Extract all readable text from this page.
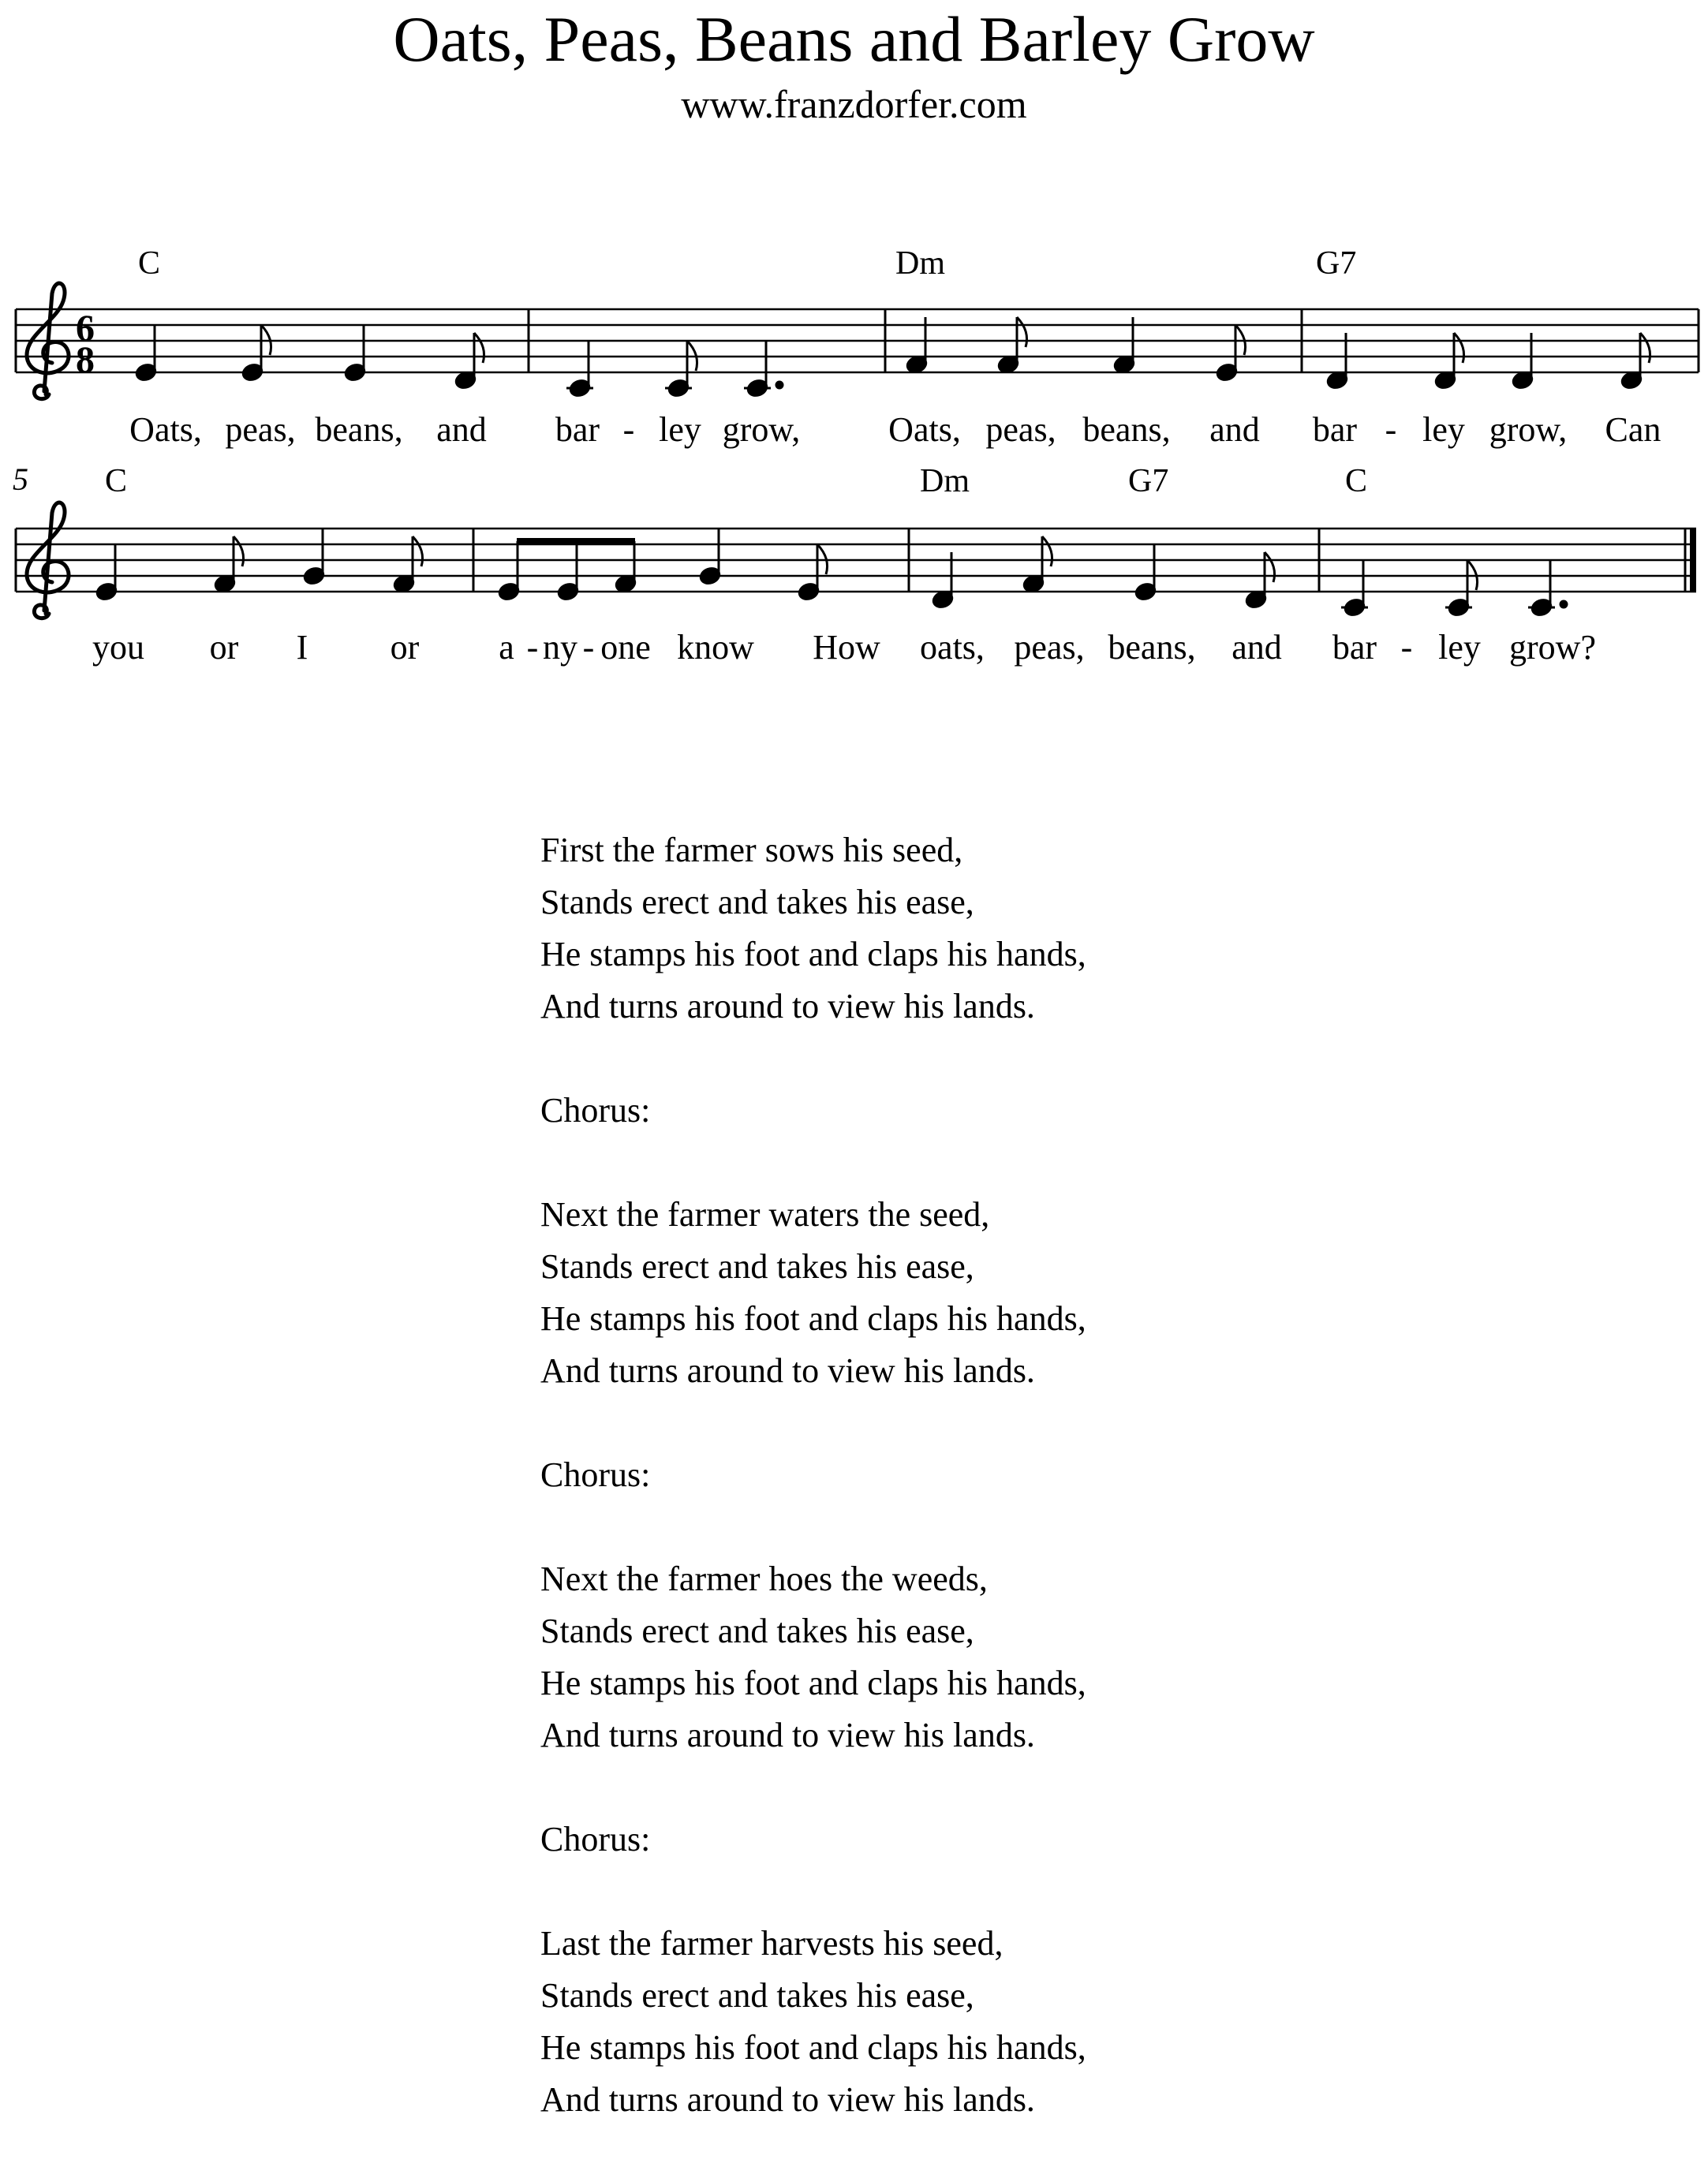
Oats, Peas, Beans and Barley Grow
www.franzdorfer.com
C	Dm	G7
6
8
Oats, peas, beans, and bar - ley grow,	Oats, peas, beans, and bar - ley grow, Can
5 C	Dm	G7	C
you or I or a - ny - one know How oats, peas, beans, and bar - ley grow?
First the farmer sows his seed,
Stands erect and takes his ease,
He stamps his foot and claps his hands,
And turns around to view his lands.
Chorus:
Next the farmer waters the seed,
Stands erect and takes his ease,
He stamps his foot and claps his hands,
And turns around to view his lands.
Chorus:
Next the farmer hoes the weeds,
Stands erect and takes his ease,
He stamps his foot and claps his hands,
And turns around to view his lands.
Chorus:
Last the farmer harvests his seed,
Stands erect and takes his ease,
He stamps his foot and claps his hands,
And turns around to view his lands.
